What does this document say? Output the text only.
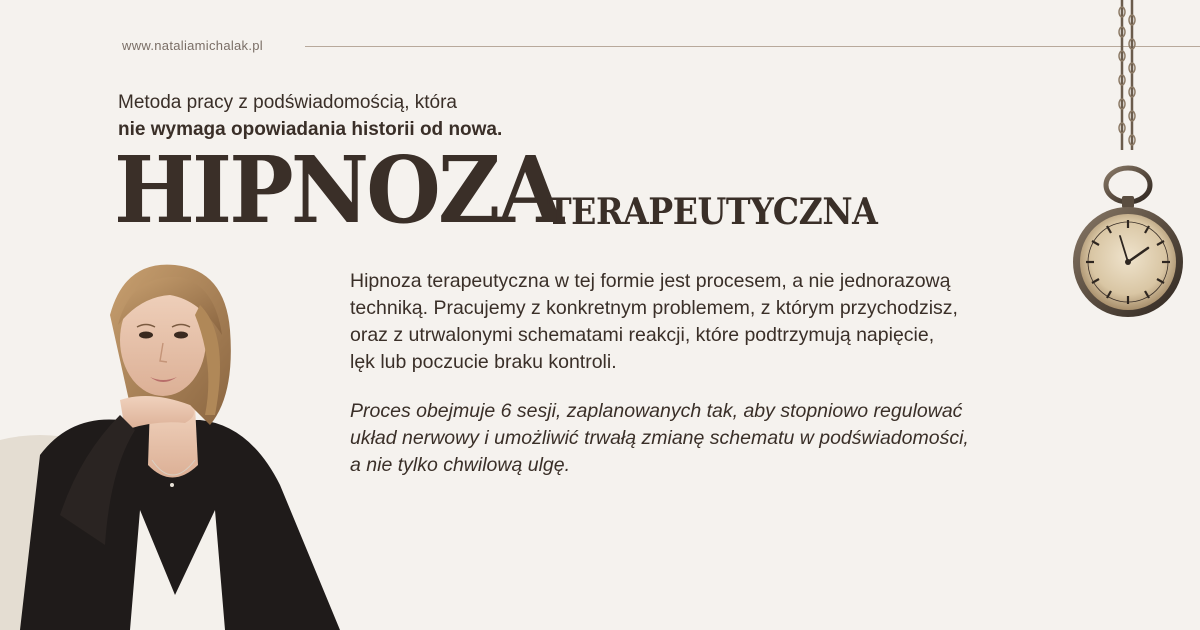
www.nataliamichalak.pl
Metoda pracy z podświadomością, która
nie wymaga opowiadania historii od nowa.
HIPNOZA
TERAPEUTYCZNA
Hipnoza terapeutyczna w tej formie jest procesem, a nie jednorazową
techniką. Pracujemy z konkretnym problemem, z którym przychodzisz,
oraz z utrwalonymi schematami reakcji, które podtrzymują napięcie,
lęk lub poczucie braku kontroli.
Proces obejmuje 6 sesji, zaplanowanych tak, aby stopniowo regulować
układ nerwowy i umożliwić trwałą zmianę schematu w podświadomości,
a nie tylko chwilową ulgę.
